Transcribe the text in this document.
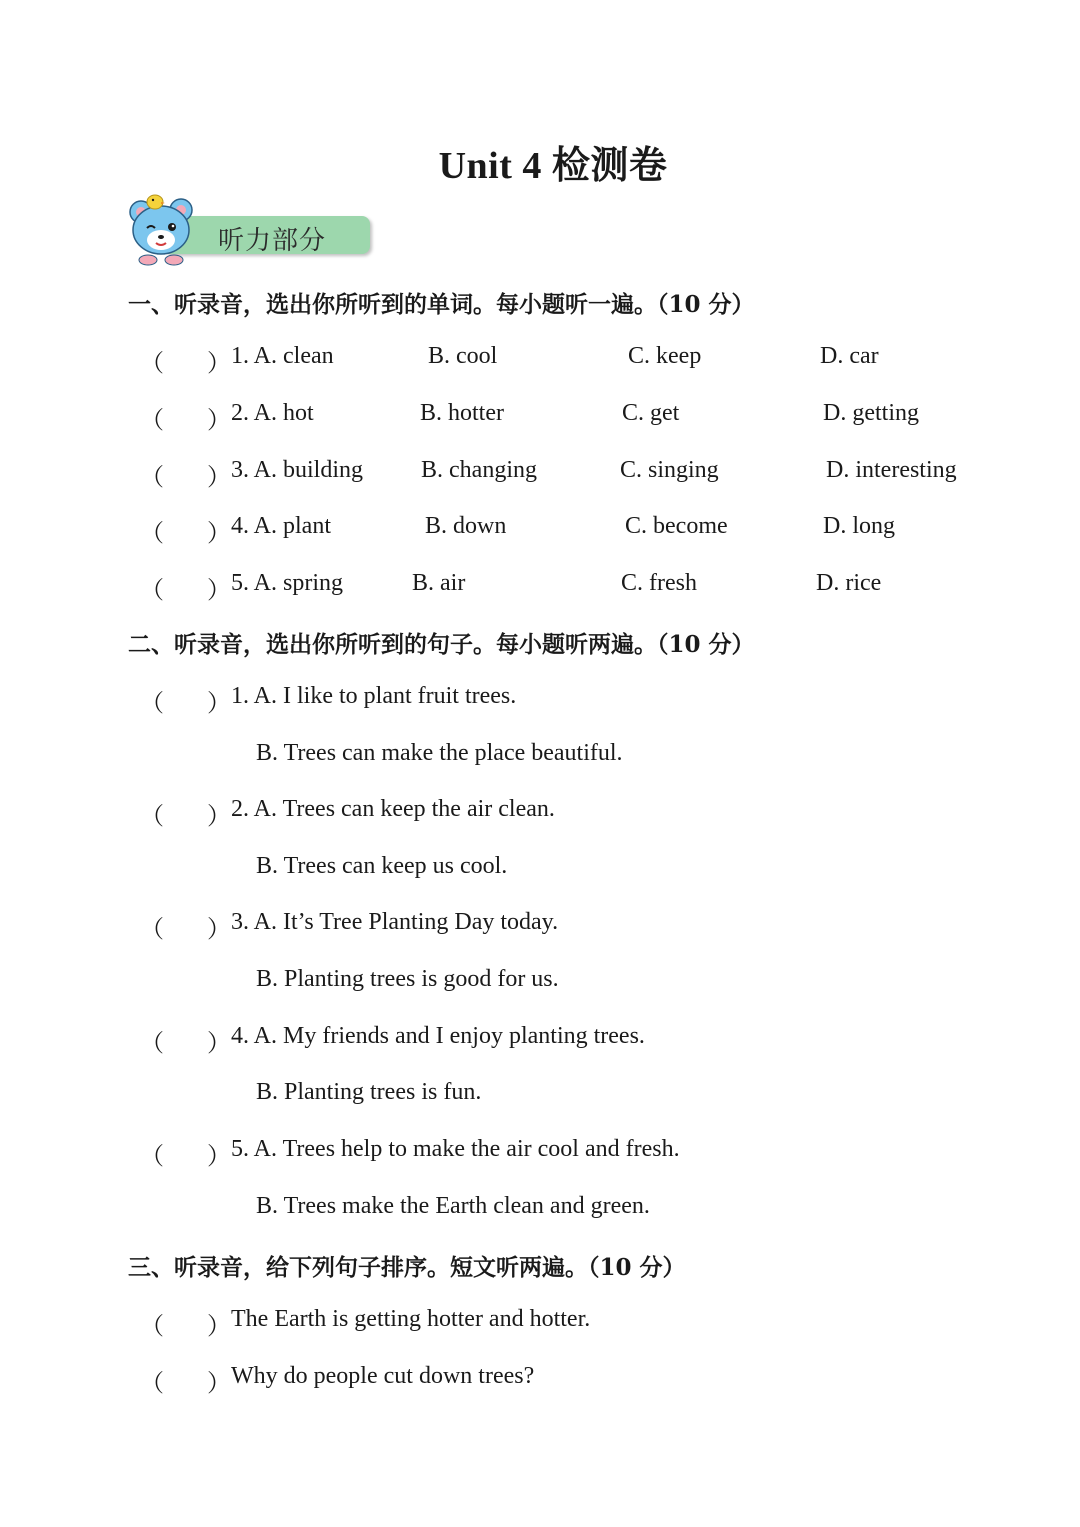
Unit 4 检测卷
听力部分
一、听录音，选出你所听到的单词。每小题听一遍。（10 分）
（ ） 1. A. clean	B. cool	C. keep	D. car
（ ） 2. A. hot	B. hotter	C. get	D. getting
（ ） 3. A. building B. changing	C. singing	D. interesting
（ ） 4. A. plant	B. down	C. become	D. long
（ ） 5. A. spring	B. air	C. fresh	D. rice
二、听录音，选出你所听到的句子。每小题听两遍。（10 分）
（ ） 1. A. I like to plant fruit trees.
B. Trees can make the place beautiful.
（ ） 2. A. Trees can keep the air clean.
B. Trees can keep us cool.
（ ） 3. A. It’s Tree Planting Day today.
B. Planting trees is good for us.
（ ） 4. A. My friends and I enjoy planting trees.
B. Planting trees is fun.
（ ） 5. A. Trees help to make the air cool and fresh.
B. Trees make the Earth clean and green.
三、听录音，给下列句子排序。短文听两遍。（10 分）
（ ） The Earth is getting hotter and hotter.
（ ） Why do people cut down trees?
